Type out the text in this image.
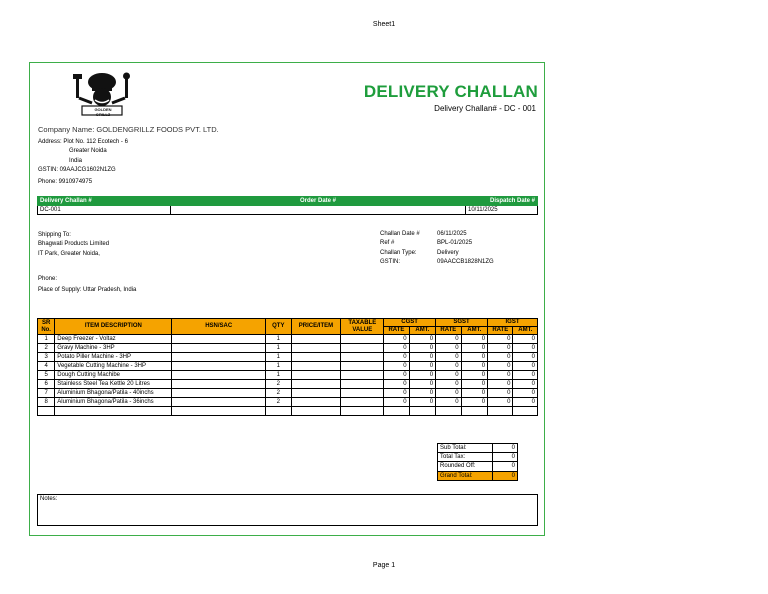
Sheet1
GOLDEN GRILLZ
DELIVERY CHALLAN
Delivery Challan# - DC - 001
Company Name: GOLDENGRILLZ FOODS PVT. LTD.
Address: Plot No. 112 Ecotech - 6
Greater Noida
India
GSTIN: 09AAJCG1602N1ZG
Phone: 9910974975
Delivery Challan #	Order Date #	Dispatch Date #
DC-001		10/11/2025
Shipping To:
Bhagwati Products Limited
IT Park, Greater Noida,
Challan Date #	06/11/2025
Ref #	BPL-01/2025
Challan Type:	Delivery
GSTIN:	09AACCB1828N1ZG
Phone:
Place of Supply: Uttar Pradesh, India
SR No.	ITEM DESCRIPTION	HSN/SAC	QTY	PRICE/ITEM	TAXABLE VALUE	CGST		SGST		IGST	
						RATE	AMT.	RATE	AMT.	RATE	AMT.
1	Deep Freezer - Voltaz		1			0	0	0	0	0	0
2	Gravy Machine - 3HP		1			0	0	0	0	0	0
3	Potato Piller Machine - 3HP		1			0	0	0	0	0	0
4	Vegetable Cutting Machine - 3HP		1			0	0	0	0	0	0
5	Dough Cutting Machibe		1			0	0	0	0	0	0
6	Stainless Steel Tea Kettle 20 Litres		2			0	0	0	0	0	0
7	Aluminium Bhagona/Patila - 40inchs		2			0	0	0	0	0	0
8	Aluminium Bhagona/Patila - 36inchs		2			0	0	0	0	0	0

Sub Total:	0
Total Tax:	0
Rounded Off:	0
Grand Total:	0
Notes:
Page 1
